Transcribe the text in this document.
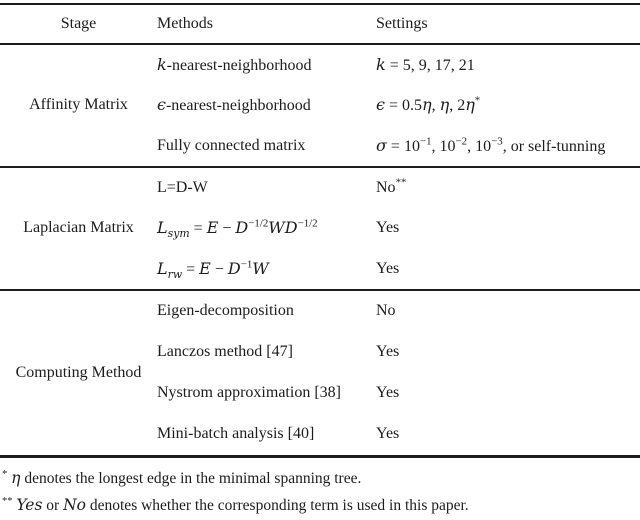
Stage	Methods	Settings
Affinity Matrix
k-nearest-neighborhood	k = 5, 9, 17, 21
ϵ-nearest-neighborhood	ϵ = 0.5η, η, 2η*
Fully connected matrix	$\sigma = 10^{-1}$, $10^{-2}$, $10^{-3}$, or self-tunning
Laplacian Matrix
L=D-W	No**
$L_{sym} = E - D^{-1/2}WD^{-1/2}$	Yes
$L_{rw} = E - D^{-1}W$	Yes
Computing Method
Eigen-decomposition	No
Lanczos method [47]	Yes
Nystrom approximation [38]	Yes
Mini-batch analysis [40]	Yes
* η denotes the longest edge in the minimal spanning tree.
** Yes or No denotes whether the corresponding term is used in this paper.
